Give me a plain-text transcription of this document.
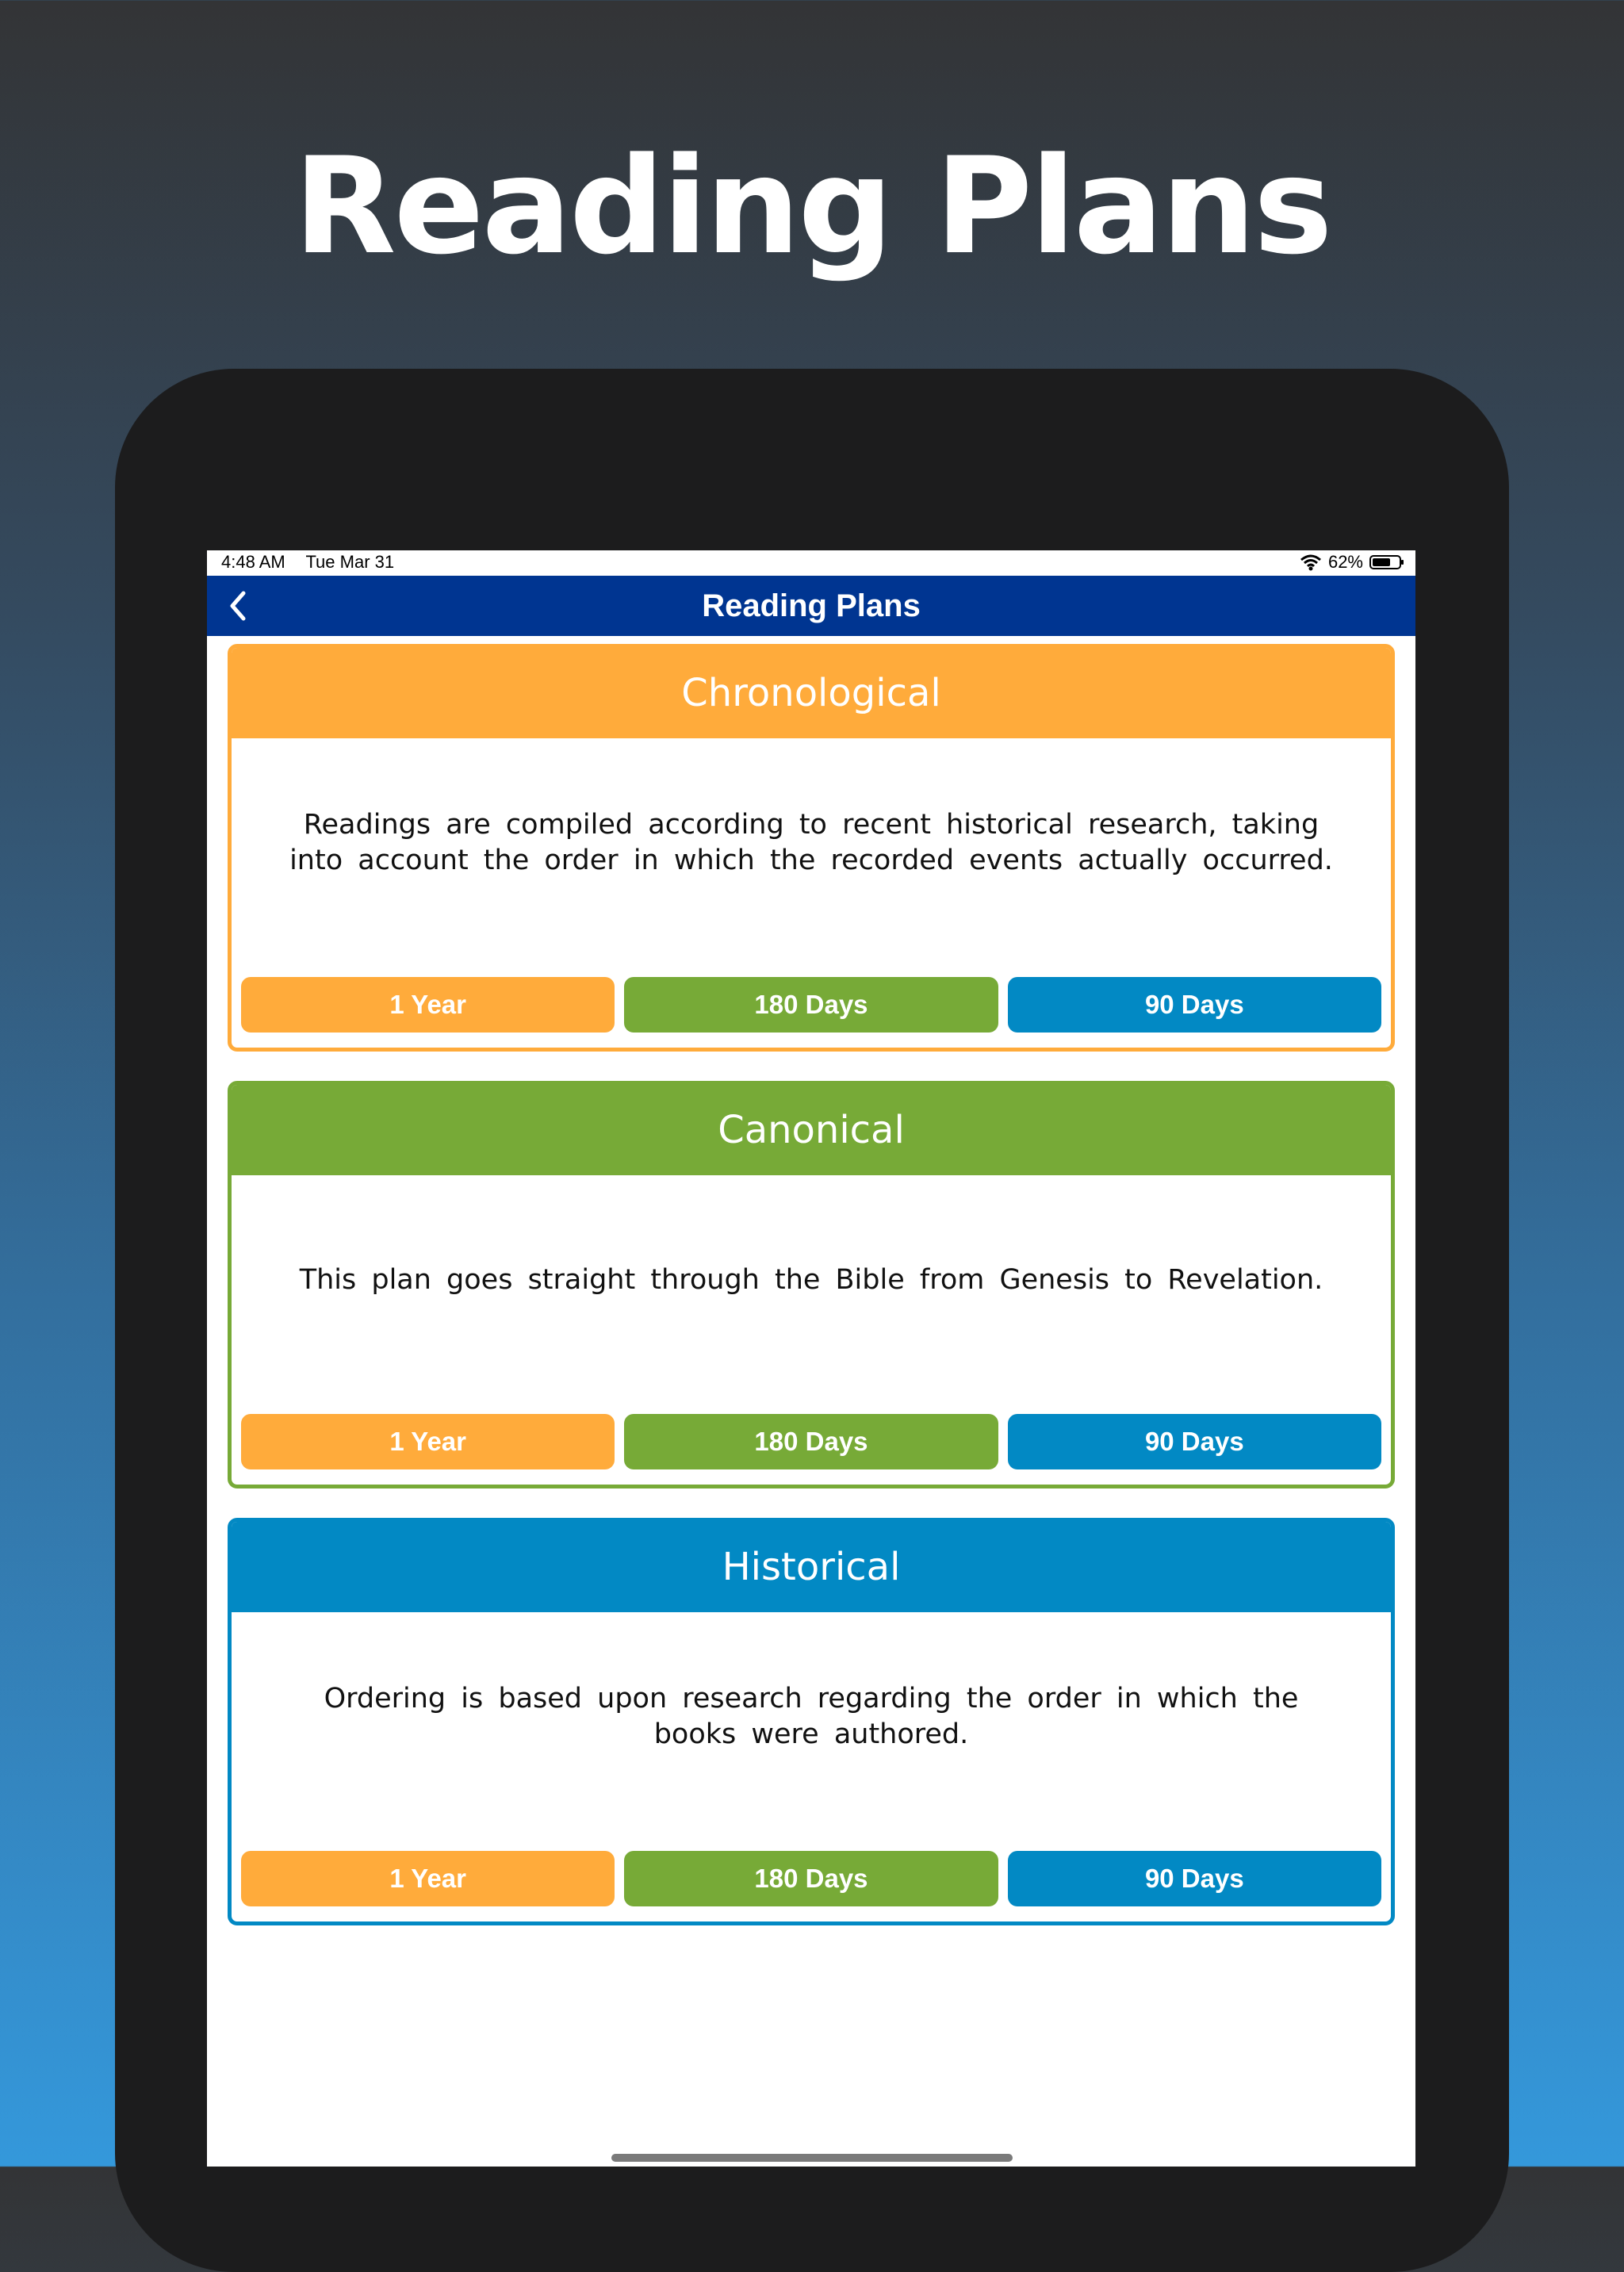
Reading Plans
4:48 AM Tue Mar 31	62%
Reading Plans
Chronological
Readings are compiled according to recent historical research, taking into account the order in which the recorded events actually occurred.
1 Year	180 Days	90 Days
Canonical
This plan goes straight through the Bible from Genesis to Revelation.
1 Year	180 Days	90 Days
Historical
Ordering is based upon research regarding the order in which the books were authored.
1 Year	180 Days	90 Days
